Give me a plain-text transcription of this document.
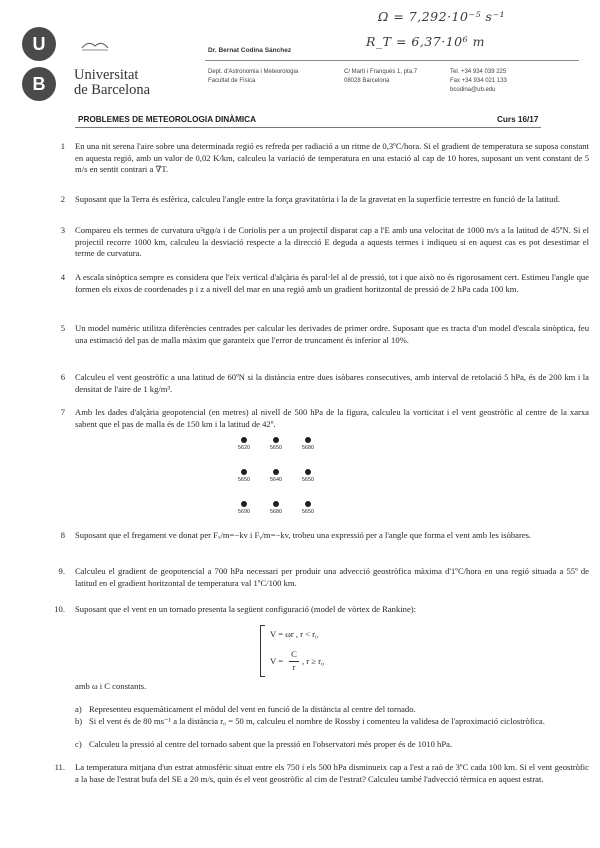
Ω = 7,292·10⁻⁵ s⁻¹
R_T = 6,37·10⁶ m
U
B Universitat
de Barcelona
Dr. Bernat Codina Sánchez
Dept. d'Astronomia i Meteorologia
Facultat de Física
C/ Martí i Franquès 1, pta.7
08028 Barcelona
Tel. +34 934 039 225
Fax +34 934 021 133
bcodina@ub.edu
PROBLEMES DE METEOROLOGIA DINÀMICA	Curs 16/17
1 En una nit serena l'aire sobre una determinada regió es refreda per radiació a un ritme de 0,3ºC/hora. Si el gradient de temperatura se suposa constant en aquesta regió, amb un valor de 0,02 K/km, calculeu la variació de temperatura en una estació al cap de 10 hores, suposant un vent constant de 5 m/s en sentit contrari a ∇T.
2 Suposant que la Terra és esfèrica, calculeu l'angle entre la força gravitatòria i la de la gravetat en la superfície terrestre en funció de la latitud.
3 Compareu els termes de curvatura u²tgφ/a i de Coriolis per a un projectil disparat cap a l'E amb una velocitat de 1000 m/s a la latitud de 45ºN. Si el projectil recorre 1000 km, calculeu la desviació respecte a la direcció E deguda a aquests termes i indiqueu si en aquest cas es pot desestimar el terme de curvatura.
4 A escala sinòptica sempre es considera que l'eix vertical d'alçària és paral·lel al de pressió, tot i que això no és rigorosament cert. Estimeu l'angle que formen els eixos de coordenades p i z a nivell del mar en una regió amb un gradient horitzontal de pressió de 2 hPa cada 100 km.
5 Un model numèric utilitza diferències centrades per calcular les derivades de primer ordre. Suposant que es tracta d'un model d'escala sinòptica, feu una estimació del pas de malla màxim que garanteix que l'error de truncament és inferior al 10%.
6 Calculeu el vent geostròfic a una latitud de 60ºN si la distància entre dues isòbares consecutives, amb interval de retolació 5 hPa, és de 200 km i la densitat de l'aire de 1 kg/m³.
7 Amb les dades d'alçària geopotencial (en metres) al nivell de 500 hPa de la figura, calculeu la vorticitat i el vent geostròfic al centre de la xarxa sabent que el pas de malla és de 150 km i la latitud de 42º.
5620	5650	5680
5650	5640	5650
5690	5680	5650
8 Suposant que el fregament ve donat per Fₓ/m=−kv i Fᵧ/m=−kv, trobeu una expressió per a l'angle que forma el vent amb les isòbares.
9. Calculeu el gradient de geopotencial a 700 hPa necessari per produir una advecció geostròfica màxima d'1ºC/hora en una regió situada a 55º de latitud en el gradient horitzontal de temperatura val 1ºC/100 km.
10. Suposant que el vent en un tornado presenta la següent configuració (model de vòrtex de Rankine):
V = ωr , r < r₀
V =
C
r
, r ≥ r₀
amb ω i C constants.
a) Representeu esquemàticament el mòdul del vent en funció de la distància al centre del tornado.
b) Si el vent és de 80 ms⁻¹ a la distància r₀ = 50 m, calculeu el nombre de Rossby i comenteu la validesa de l'aproximació ciclostròfica.
c) Calculeu la pressió al centre del tornado sabent que la pressió en l'observatori més proper és de 1010 hPa.
11. La temperatura mitjana d'un estrat atmosfèric situat entre els 750 i els 500 hPa disminueix cap a l'est a raó de 3ºC cada 100 km. Si el vent geostròfic a la base de l'estrat bufa del SE a 20 m/s, quin és el vent geostròfic al cim de l'estrat? Calculeu també l'advecció tèrmica en aquest estrat.
